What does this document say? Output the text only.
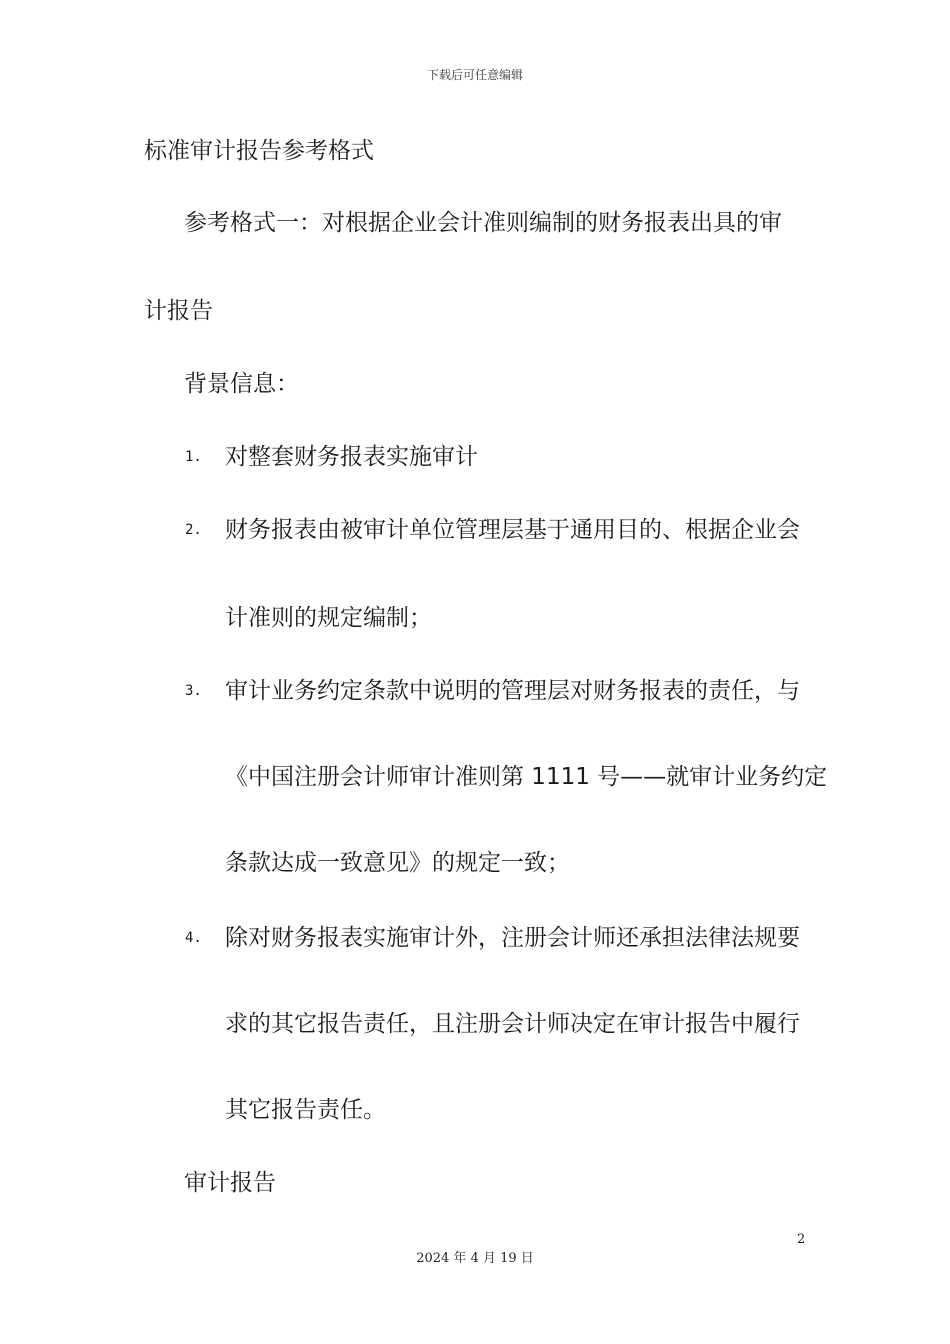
下载后可任意编辑
标准审计报告参考格式
参考格式一：对根据企业会计准则编制的财务报表出具的审
计报告
背景信息：
1. 对整套财务报表实施审计
2. 财务报表由被审计单位管理层基于通用目的、根据企业会
计准则的规定编制；
3. 审计业务约定条款中说明的管理层对财务报表的责任，与
《中国注册会计师审计准则第 1111 号——就审计业务约定
条款达成一致意见》的规定一致；
4. 除对财务报表实施审计外，注册会计师还承担法律法规要
求的其它报告责任，且注册会计师决定在审计报告中履行
其它报告责任。
审计报告
2
2024 年 4 月 19 日
